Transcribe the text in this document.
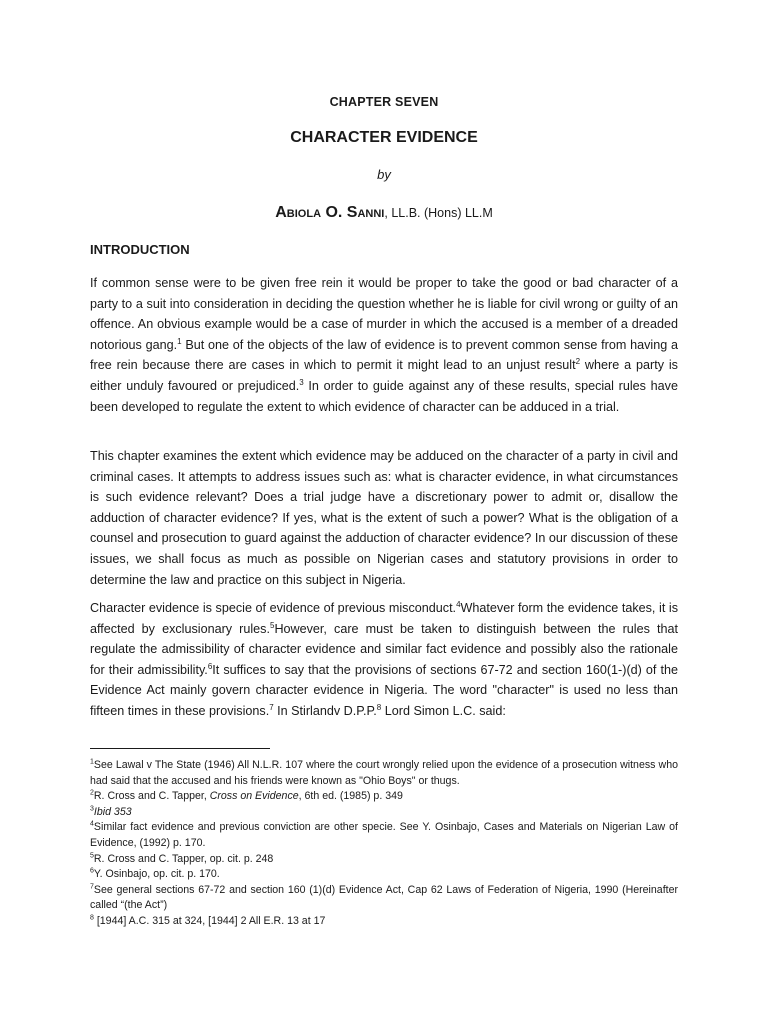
CHAPTER SEVEN
CHARACTER EVIDENCE
by
Abiola O. Sanni, LL.B. (Hons) LL.M
INTRODUCTION

If common sense were to be given free rein it would be proper to take the good or bad character of a party to a suit into consideration in deciding the question whether he is liable for civil wrong or guilty of an offence. An obvious example would be a case of murder in which the accused is a member of a dreaded notorious gang.$^1$ But one of the objects of the law of evidence is to prevent common sense from having a free rein because there are cases in which to permit it might lead to an unjust result$^2$ where a party is either unduly favoured or prejudiced.$^3$ In order to guide against any of these results, special rules have been developed to regulate the extent to which evidence of character can be adduced in a trial.

This chapter examines the extent which evidence may be adduced on the character of a party in civil and criminal cases. It attempts to address issues such as: what is character evidence, in what circumstances is such evidence relevant? Does a trial judge have a discretionary power to admit or, disallow the adduction of character evidence? If yes, what is the extent of such a power? What is the obligation of a counsel and prosecution to guard against the adduction of character evidence? In our discussion of these issues, we shall focus as much as possible on Nigerian cases and statutory provisions in order to determine the law and practice on this subject in Nigeria.

Character evidence is specie of evidence of previous misconduct.$^4$Whatever form the evidence takes, it is affected by exclusionary rules.$^5$However, care must be taken to distinguish between the rules that regulate the admissibility of character evidence and similar fact evidence and possibly also the rationale for their admissibility.$^6$It suffices to say that the provisions of sections 67-72 and section 160(1-)(d) of the Evidence Act mainly govern character evidence in Nigeria. The word "character" is used no less than fifteen times in these provisions.$^7$ In Stirlandv D.P.P.$^8$ Lord Simon L.C. said:

$^1$See Lawal v The State (1946) All N.L.R. 107 where the court wrongly relied upon the evidence of a prosecution witness who had said that the accused and his friends were known as "Ohio Boys" or thugs.

$^2$R. Cross and C. Tapper, Cross on Evidence, 6th ed. (1985) p. 349

$^3$Ibid 353

$^4$Similar fact evidence and previous conviction are other specie. See Y. Osinbajo, Cases and Materials on Nigerian Law of Evidence, (1992) p. 170.

$^5$R. Cross and C. Tapper, op. cit. p. 248

$^6$Y. Osinbajo, op. cit. p. 170.

$^7$See general sections 67-72 and section 160 (1)(d) Evidence Act, Cap 62 Laws of Federation of Nigeria, 1990 (Hereinafter called “(the Act”)

$^8$ [1944] A.C. 315 at 324, [1944] 2 All E.R. 13 at 17
